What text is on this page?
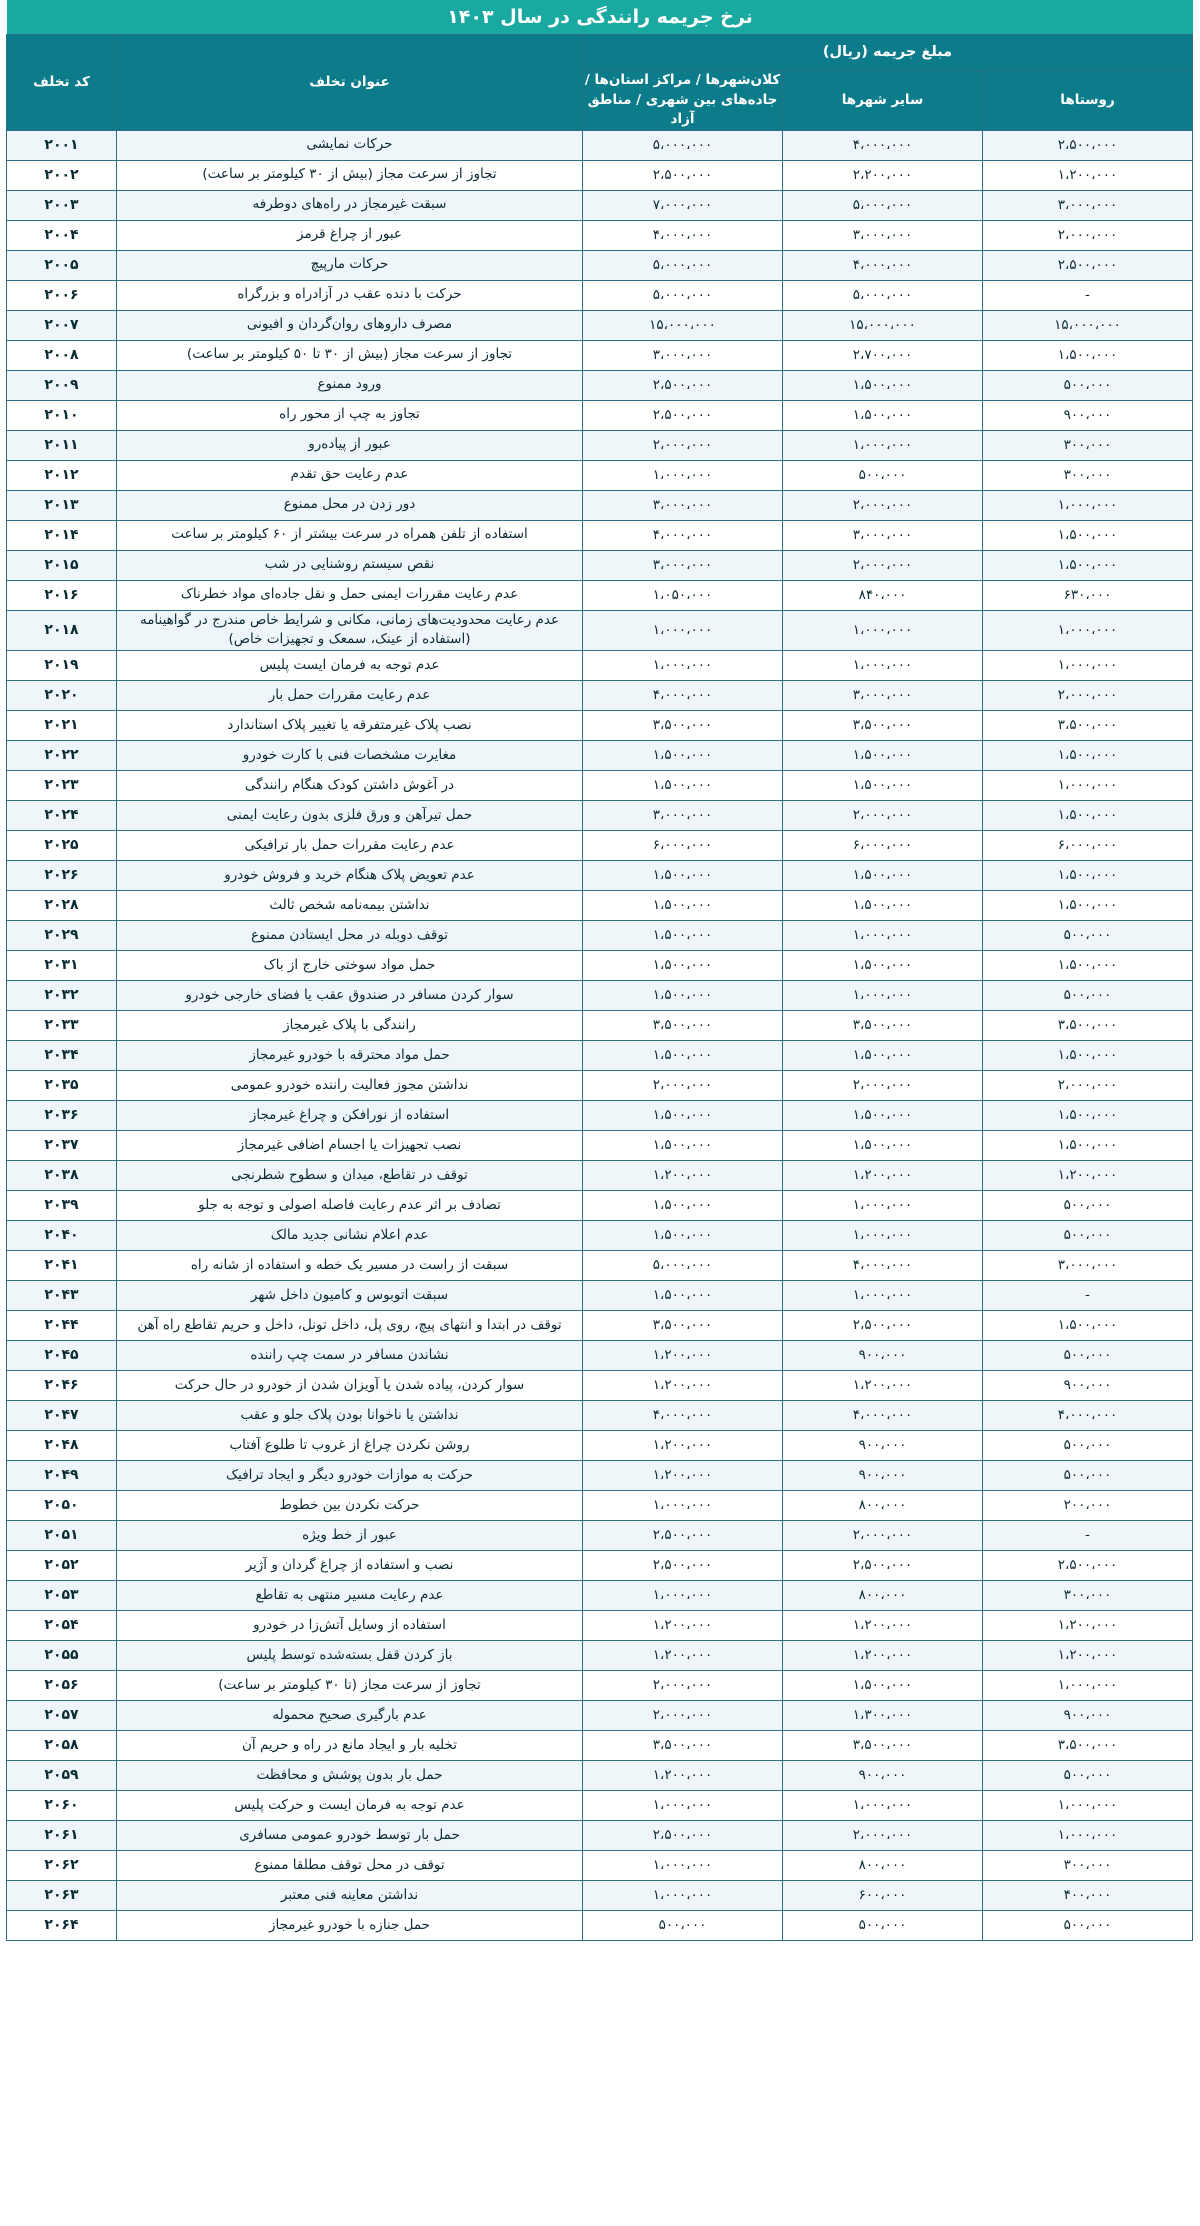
نرخ جریمه رانندگی در سال ۱۴۰۳
مبلغ جریمه (ریال)			عنوان تخلف	کد تخلف
روستاها	سایر شهرها	کلان‌شهرها / مراکز استان‌ها / جاده‌های بین شهری / مناطق آزاد		
۲،۵۰۰،۰۰۰	۴،۰۰۰،۰۰۰	۵،۰۰۰،۰۰۰	حرکات نمایشی	۲۰۰۱
۱،۲۰۰،۰۰۰	۲،۲۰۰،۰۰۰	۲،۵۰۰،۰۰۰	تجاوز از سرعت مجاز (بیش از ۳۰ کیلومتر بر ساعت)	۲۰۰۲
۳،۰۰۰،۰۰۰	۵،۰۰۰،۰۰۰	۷،۰۰۰،۰۰۰	سبقت غیرمجاز در راه‌های دوطرفه	۲۰۰۳
۲،۰۰۰،۰۰۰	۳،۰۰۰،۰۰۰	۴،۰۰۰،۰۰۰	عبور از چراغ قرمز	۲۰۰۴
۲،۵۰۰،۰۰۰	۴،۰۰۰،۰۰۰	۵،۰۰۰،۰۰۰	حرکات مارپیچ	۲۰۰۵
-	۵،۰۰۰،۰۰۰	۵،۰۰۰،۰۰۰	حرکت با دنده عقب در آزادراه و بزرگراه	۲۰۰۶
۱۵،۰۰۰،۰۰۰	۱۵،۰۰۰،۰۰۰	۱۵،۰۰۰،۰۰۰	مصرف داروهای روان‌گردان و افیونی	۲۰۰۷
۱،۵۰۰،۰۰۰	۲،۷۰۰،۰۰۰	۳،۰۰۰،۰۰۰	تجاوز از سرعت مجاز (بیش از ۳۰ تا ۵۰ کیلومتر بر ساعت)	۲۰۰۸
۵۰۰،۰۰۰	۱،۵۰۰،۰۰۰	۲،۵۰۰،۰۰۰	ورود ممنوع	۲۰۰۹
۹۰۰،۰۰۰	۱،۵۰۰،۰۰۰	۲،۵۰۰،۰۰۰	تجاوز به چپ از محور راه	۲۰۱۰
۳۰۰،۰۰۰	۱،۰۰۰،۰۰۰	۲،۰۰۰،۰۰۰	عبور از پیاده‌رو	۲۰۱۱
۳۰۰،۰۰۰	۵۰۰،۰۰۰	۱،۰۰۰،۰۰۰	عدم رعایت حق تقدم	۲۰۱۲
۱،۰۰۰،۰۰۰	۲،۰۰۰،۰۰۰	۳،۰۰۰،۰۰۰	دور زدن در محل ممنوع	۲۰۱۳
۱،۵۰۰،۰۰۰	۳،۰۰۰،۰۰۰	۴،۰۰۰،۰۰۰	استفاده از تلفن همراه در سرعت بیشتر از ۶۰ کیلومتر بر ساعت	۲۰۱۴
۱،۵۰۰،۰۰۰	۲،۰۰۰،۰۰۰	۳،۰۰۰،۰۰۰	نقص سیستم روشنایی در شب	۲۰۱۵
۶۳۰،۰۰۰	۸۴۰،۰۰۰	۱،۰۵۰،۰۰۰	عدم رعایت مقررات ایمنی حمل و نقل جاده‌ای مواد خطرناک	۲۰۱۶
۱،۰۰۰،۰۰۰	۱،۰۰۰،۰۰۰	۱،۰۰۰،۰۰۰	عدم رعایت محدودیت‌های زمانی، مکانی و شرایط خاص مندرج در گواهینامه (استفاده از عینک، سمعک و تجهیزات خاص)	۲۰۱۸
۱،۰۰۰،۰۰۰	۱،۰۰۰،۰۰۰	۱،۰۰۰،۰۰۰	عدم توجه به فرمان ایست پلیس	۲۰۱۹
۲،۰۰۰،۰۰۰	۳،۰۰۰،۰۰۰	۴،۰۰۰،۰۰۰	عدم رعایت مقررات حمل بار	۲۰۲۰
۳،۵۰۰،۰۰۰	۳،۵۰۰،۰۰۰	۳،۵۰۰،۰۰۰	نصب پلاک غیرمتفرقه یا تغییر پلاک استاندارد	۲۰۲۱
۱،۵۰۰،۰۰۰	۱،۵۰۰،۰۰۰	۱،۵۰۰،۰۰۰	مغایرت مشخصات فنی با کارت خودرو	۲۰۲۲
۱،۰۰۰،۰۰۰	۱،۵۰۰،۰۰۰	۱،۵۰۰،۰۰۰	در آغوش داشتن کودک هنگام رانندگی	۲۰۲۳
۱،۵۰۰،۰۰۰	۲،۰۰۰،۰۰۰	۳،۰۰۰،۰۰۰	حمل تیرآهن و ورق فلزی بدون رعایت ایمنی	۲۰۲۴
۶،۰۰۰،۰۰۰	۶،۰۰۰،۰۰۰	۶،۰۰۰،۰۰۰	عدم رعایت مقررات حمل بار ترافیکی	۲۰۲۵
۱،۵۰۰،۰۰۰	۱،۵۰۰،۰۰۰	۱،۵۰۰،۰۰۰	عدم تعویض پلاک هنگام خرید و فروش خودرو	۲۰۲۶
۱،۵۰۰،۰۰۰	۱،۵۰۰،۰۰۰	۱،۵۰۰،۰۰۰	نداشتن بیمه‌نامه شخص ثالث	۲۰۲۸
۵۰۰،۰۰۰	۱،۰۰۰،۰۰۰	۱،۵۰۰،۰۰۰	توقف دوبله در محل ایستادن ممنوع	۲۰۲۹
۱،۵۰۰،۰۰۰	۱،۵۰۰،۰۰۰	۱،۵۰۰،۰۰۰	حمل مواد سوختی خارج از باک	۲۰۳۱
۵۰۰،۰۰۰	۱،۰۰۰،۰۰۰	۱،۵۰۰،۰۰۰	سوار کردن مسافر در صندوق عقب یا فضای خارجی خودرو	۲۰۳۲
۳،۵۰۰،۰۰۰	۳،۵۰۰،۰۰۰	۳،۵۰۰،۰۰۰	رانندگی با پلاک غیرمجاز	۲۰۳۳
۱،۵۰۰،۰۰۰	۱،۵۰۰،۰۰۰	۱،۵۰۰،۰۰۰	حمل مواد محترقه با خودرو غیرمجاز	۲۰۳۴
۲،۰۰۰،۰۰۰	۲،۰۰۰،۰۰۰	۲،۰۰۰،۰۰۰	نداشتن مجوز فعالیت راننده خودرو عمومی	۲۰۳۵
۱،۵۰۰،۰۰۰	۱،۵۰۰،۰۰۰	۱،۵۰۰،۰۰۰	استفاده از نورافکن و چراغ غیرمجاز	۲۰۳۶
۱،۵۰۰،۰۰۰	۱،۵۰۰،۰۰۰	۱،۵۰۰،۰۰۰	نصب تجهیزات یا اجسام اضافی غیرمجاز	۲۰۳۷
۱،۲۰۰،۰۰۰	۱،۲۰۰،۰۰۰	۱،۲۰۰،۰۰۰	توقف در تقاطع، میدان و سطوح شطرنجی	۲۰۳۸
۵۰۰،۰۰۰	۱،۰۰۰،۰۰۰	۱،۵۰۰،۰۰۰	تصادف بر اثر عدم رعایت فاصله اصولی و توجه به جلو	۲۰۳۹
۵۰۰،۰۰۰	۱،۰۰۰،۰۰۰	۱،۵۰۰،۰۰۰	عدم اعلام نشانی جدید مالک	۲۰۴۰
۳،۰۰۰،۰۰۰	۴،۰۰۰،۰۰۰	۵،۰۰۰،۰۰۰	سبقت از راست در مسیر یک خطه و استفاده از شانه راه	۲۰۴۱
-	۱،۰۰۰،۰۰۰	۱،۵۰۰،۰۰۰	سبقت اتوبوس و کامیون داخل شهر	۲۰۴۳
۱،۵۰۰،۰۰۰	۲،۵۰۰،۰۰۰	۳،۵۰۰،۰۰۰	توقف در ابتدا و انتهای پیچ، روی پل، داخل تونل، داخل و حریم تقاطع راه آهن	۲۰۴۴
۵۰۰،۰۰۰	۹۰۰،۰۰۰	۱،۲۰۰،۰۰۰	نشاندن مسافر در سمت چپ راننده	۲۰۴۵
۹۰۰،۰۰۰	۱،۲۰۰،۰۰۰	۱،۲۰۰،۰۰۰	سوار کردن، پیاده شدن یا آویزان شدن از خودرو در حال حرکت	۲۰۴۶
۴،۰۰۰،۰۰۰	۴،۰۰۰،۰۰۰	۴،۰۰۰،۰۰۰	نداشتن یا ناخوانا بودن پلاک جلو و عقب	۲۰۴۷
۵۰۰،۰۰۰	۹۰۰،۰۰۰	۱،۲۰۰،۰۰۰	روشن نکردن چراغ از غروب تا طلوع آفتاب	۲۰۴۸
۵۰۰،۰۰۰	۹۰۰،۰۰۰	۱،۲۰۰،۰۰۰	حرکت به موازات خودرو دیگر و ایجاد ترافیک	۲۰۴۹
۲۰۰،۰۰۰	۸۰۰،۰۰۰	۱،۰۰۰،۰۰۰	حرکت نکردن بین خطوط	۲۰۵۰
-	۲،۰۰۰،۰۰۰	۲،۵۰۰،۰۰۰	عبور از خط ویژه	۲۰۵۱
۲،۵۰۰،۰۰۰	۲،۵۰۰،۰۰۰	۲،۵۰۰،۰۰۰	نصب و استفاده از چراغ گردان و آژیر	۲۰۵۲
۳۰۰،۰۰۰	۸۰۰،۰۰۰	۱،۰۰۰،۰۰۰	عدم رعایت مسیر منتهی به تقاطع	۲۰۵۳
۱،۲۰۰،۰۰۰	۱،۲۰۰،۰۰۰	۱،۲۰۰،۰۰۰	استفاده از وسایل آتش‌زا در خودرو	۲۰۵۴
۱،۲۰۰،۰۰۰	۱،۲۰۰،۰۰۰	۱،۲۰۰،۰۰۰	باز کردن قفل بسته‌شده توسط پلیس	۲۰۵۵
۱،۰۰۰،۰۰۰	۱،۵۰۰،۰۰۰	۲،۰۰۰،۰۰۰	تجاوز از سرعت مجاز (تا ۳۰ کیلومتر بر ساعت)	۲۰۵۶
۹۰۰،۰۰۰	۱،۳۰۰،۰۰۰	۲،۰۰۰،۰۰۰	عدم بارگیری صحیح محموله	۲۰۵۷
۳،۵۰۰،۰۰۰	۳،۵۰۰،۰۰۰	۳،۵۰۰،۰۰۰	تخلیه بار و ایجاد مانع در راه و حریم آن	۲۰۵۸
۵۰۰،۰۰۰	۹۰۰،۰۰۰	۱،۲۰۰،۰۰۰	حمل بار بدون پوشش و محافظت	۲۰۵۹
۱،۰۰۰،۰۰۰	۱،۰۰۰،۰۰۰	۱،۰۰۰،۰۰۰	عدم توجه به فرمان ایست و حرکت پلیس	۲۰۶۰
۱،۰۰۰،۰۰۰	۲،۰۰۰،۰۰۰	۲،۵۰۰،۰۰۰	حمل بار توسط خودرو عمومی مسافری	۲۰۶۱
۳۰۰،۰۰۰	۸۰۰،۰۰۰	۱،۰۰۰،۰۰۰	توقف در محل توقف مطلقا ممنوع	۲۰۶۲
۴۰۰،۰۰۰	۶۰۰،۰۰۰	۱،۰۰۰،۰۰۰	نداشتن معاینه فنی معتبر	۲۰۶۳
۵۰۰،۰۰۰	۵۰۰،۰۰۰	۵۰۰،۰۰۰	حمل جنازه با خودرو غیرمجاز	۲۰۶۴
